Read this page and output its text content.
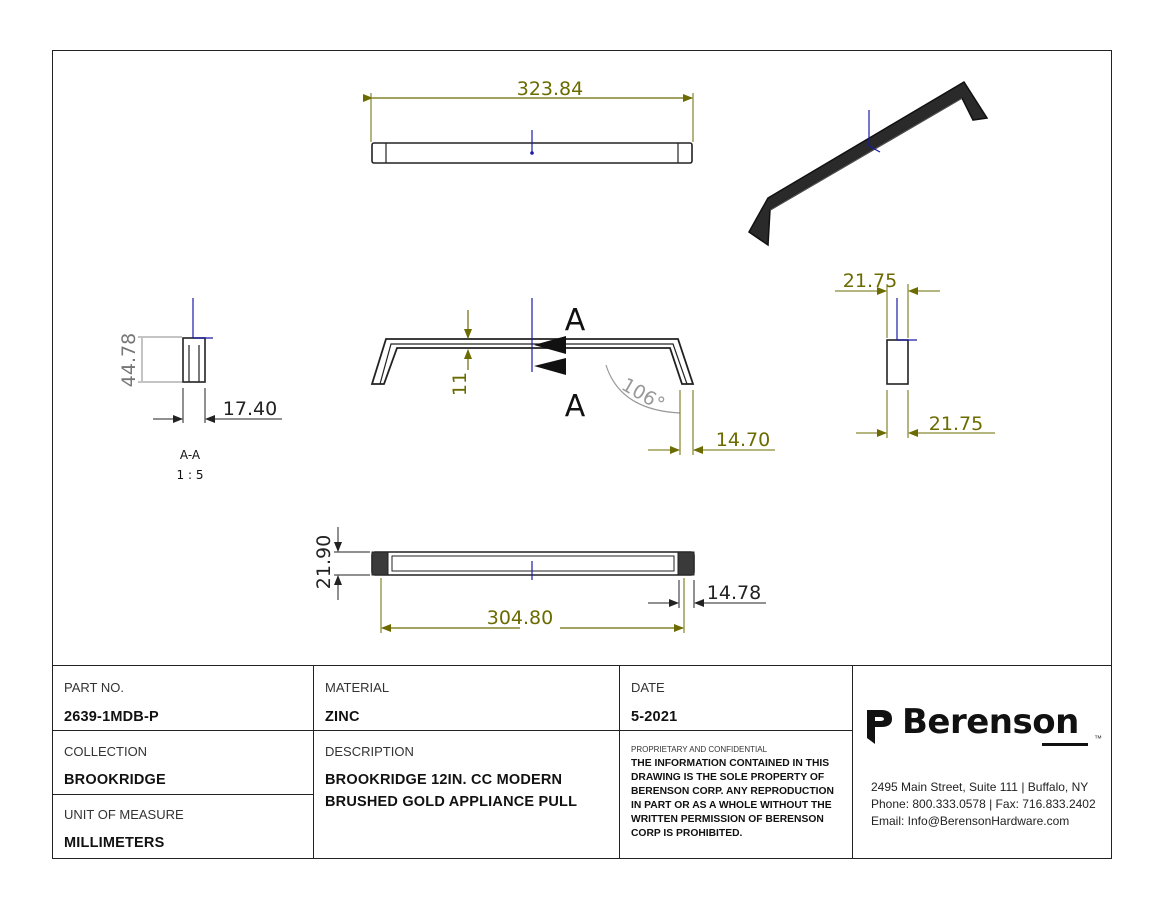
323.84
44.78
17.40
A-A
1 : 5
A
A
11	106°
14.70
21.75
21.75
21.90
304.80
14.78
PART NO.
2639-1MDB-P
COLLECTION
BROOKRIDGE
UNIT OF MEASURE
MILLIMETERS
MATERIAL
ZINC
DESCRIPTION
BROOKRIDGE 12IN. CC MODERN
BRUSHED GOLD APPLIANCE PULL
DATE
5-2021
PROPRIETARY AND CONFIDENTIAL
THE INFORMATION CONTAINED IN THIS DRAWING IS THE SOLE PROPERTY OF BERENSON CORP. ANY REPRODUCTION IN PART OR AS A WHOLE WITHOUT THE WRITTEN PERMISSION OF BERENSON CORP IS PROHIBITED.
Berenson ™
2495 Main Street, Suite 111 | Buffalo, NY
Phone: 800.333.0578 | Fax: 716.833.2402
Email: Info@BerensonHardware.com
